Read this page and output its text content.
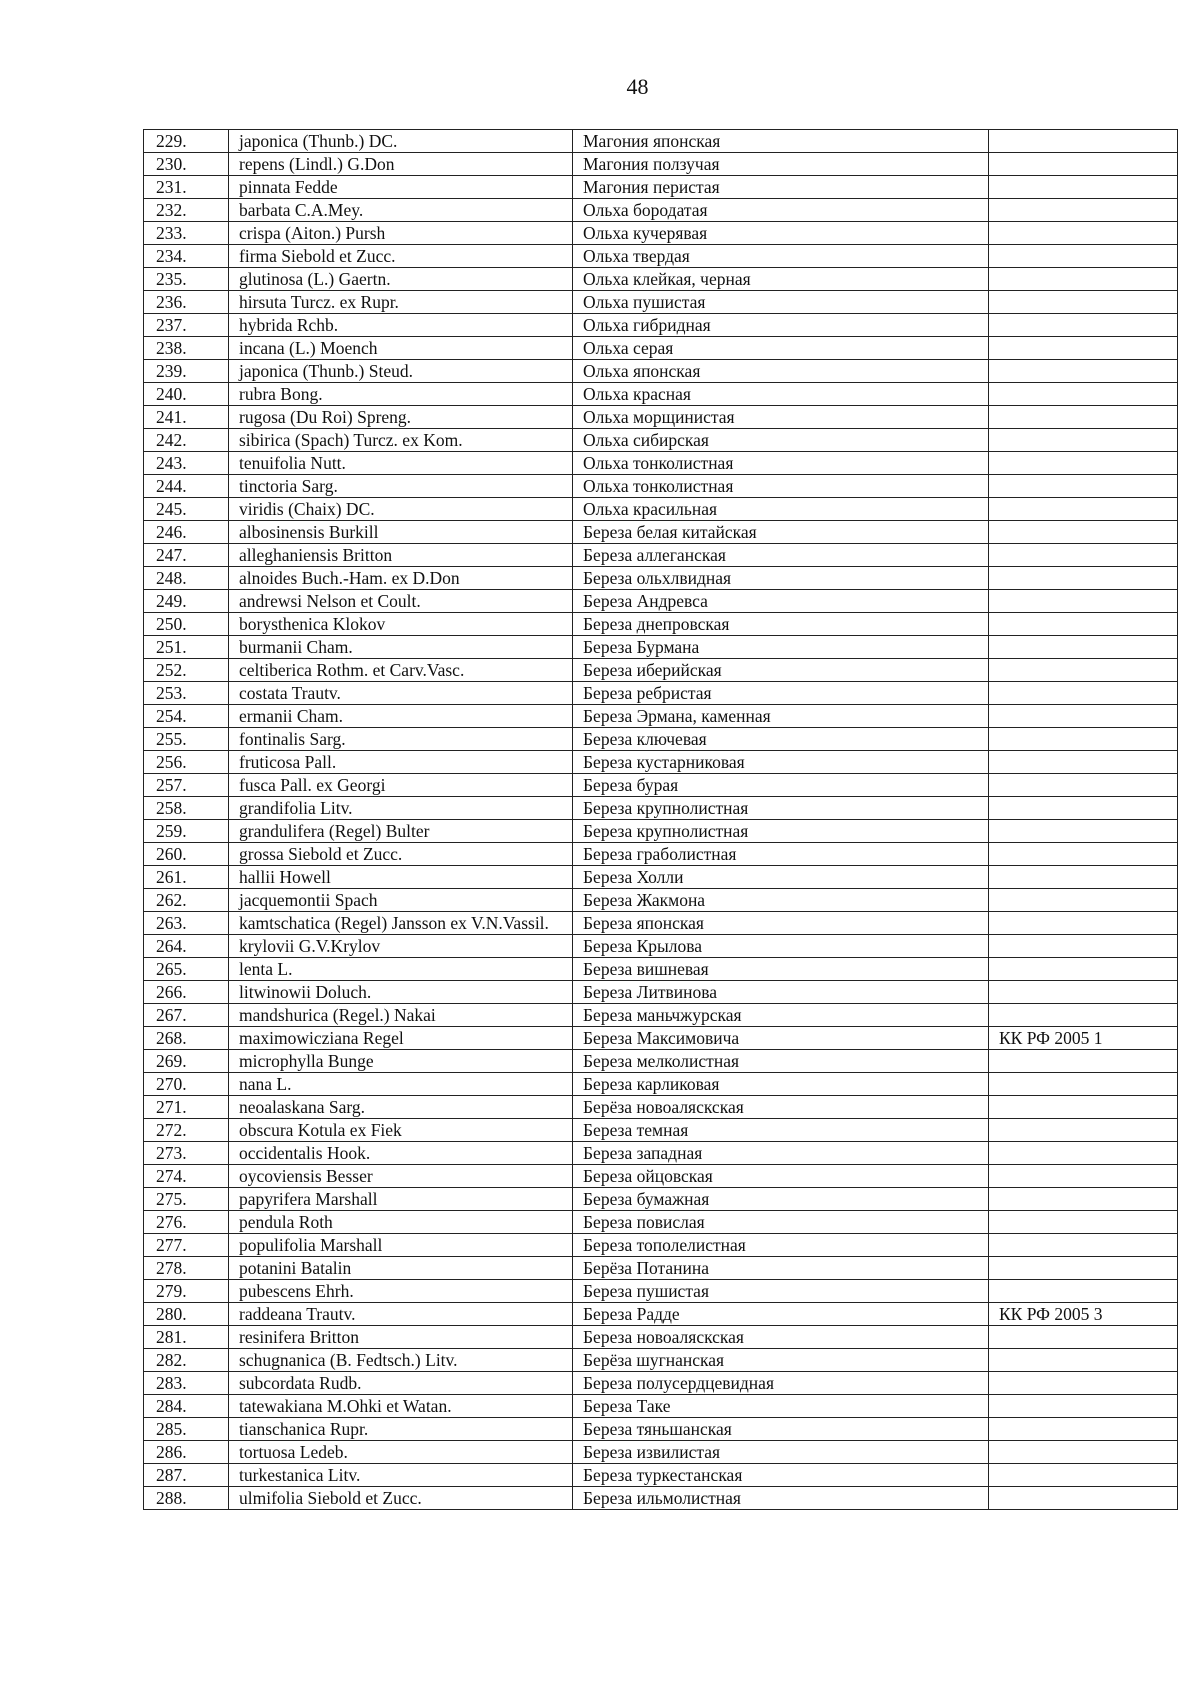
48
229.	japonica (Thunb.) DC.	Магония японская	
230.	repens (Lindl.) G.Don	Магония ползучая	
231.	pinnata Fedde	Магония перистая	
232.	barbata C.A.Mey.	Ольха бородатая	
233.	crispa (Aiton.) Pursh	Ольха кучерявая	
234.	firma Siebold et Zucc.	Ольха твердая	
235.	glutinosa (L.) Gaertn.	Ольха клейкая, черная	
236.	hirsuta Turcz. ex Rupr.	Ольха пушистая	
237.	hybrida Rchb.	Ольха гибридная	
238.	incana (L.) Moench	Ольха серая	
239.	japonica (Thunb.) Steud.	Ольха японская	
240.	rubra Bong.	Ольха красная	
241.	rugosa (Du Roi) Spreng.	Ольха морщинистая	
242.	sibirica (Spach) Turcz. ex Kom.	Ольха сибирская	
243.	tenuifolia Nutt.	Ольха тонколистная	
244.	tinctoria Sarg.	Ольха тонколистная	
245.	viridis (Chaix) DC.	Ольха красильная	
246.	albosinensis Burkill	Береза белая китайская	
247.	alleghaniensis Britton	Береза аллеганская	
248.	alnoides Buch.-Ham. ex D.Don	Береза ольхлвидная	
249.	andrewsi Nelson et Coult.	Береза Андревса	
250.	borysthenica Klokov	Береза днепровская	
251.	burmanii Cham.	Береза Бурмана	
252.	celtiberica Rothm. et Carv.Vasc.	Береза иберийская	
253.	costata Trautv.	Береза ребристая	
254.	ermanii Cham.	Береза Эрмана, каменная	
255.	fontinalis Sarg.	Береза ключевая	
256.	fruticosa Pall.	Береза кустарниковая	
257.	fusca Pall. ex Georgi	Береза бурая	
258.	grandifolia Litv.	Береза крупнолистная	
259.	grandulifera (Regel) Bulter	Береза крупнолистная	
260.	grossa Siebold et Zucc.	Береза граболистная	
261.	hallii Howell	Береза Холли	
262.	jacquemontii Spach	Береза Жакмона	
263.	kamtschatica (Regel) Jansson ex V.N.Vassil.	Береза японская	
264.	krylovii G.V.Krylov	Береза Крылова	
265.	lenta L.	Береза вишневая	
266.	litwinowii Doluch.	Береза Литвинова	
267.	mandshurica (Regel.) Nakai	Береза маньчжурская	
268.	maximowicziana Regel	Береза Максимовича	КК РФ 2005 1
269.	microphylla Bunge	Береза мелколистная	
270.	nana L.	Береза карликовая	
271.	neoalaskana Sarg.	Берёза новоаляскская	
272.	obscura Kotula ex Fiek	Береза темная	
273.	occidentalis Hook.	Береза западная	
274.	oycoviensis Besser	Береза ойцовская	
275.	papyrifera Marshall	Береза бумажная	
276.	pendula Roth	Береза повислая	
277.	populifolia Marshall	Береза тополелистная	
278.	potanini Batalin	Берёза Потанина	
279.	pubescens Ehrh.	Береза пушистая	
280.	raddeana Trautv.	Береза Радде	КК РФ 2005 3
281.	resinifera Britton	Береза новоаляскская	
282.	schugnanica (B. Fedtsch.) Litv.	Берёза шугнанская	
283.	subcordata Rudb.	Береза полусердцевидная	
284.	tatewakiana M.Ohki et Watan.	Береза Таке	
285.	tianschanica Rupr.	Береза тяньшанская	
286.	tortuosa Ledeb.	Береза извилистая	
287.	turkestanica Litv.	Береза туркестанская	
288.	ulmifolia Siebold et Zucc.	Береза ильмолистная	
